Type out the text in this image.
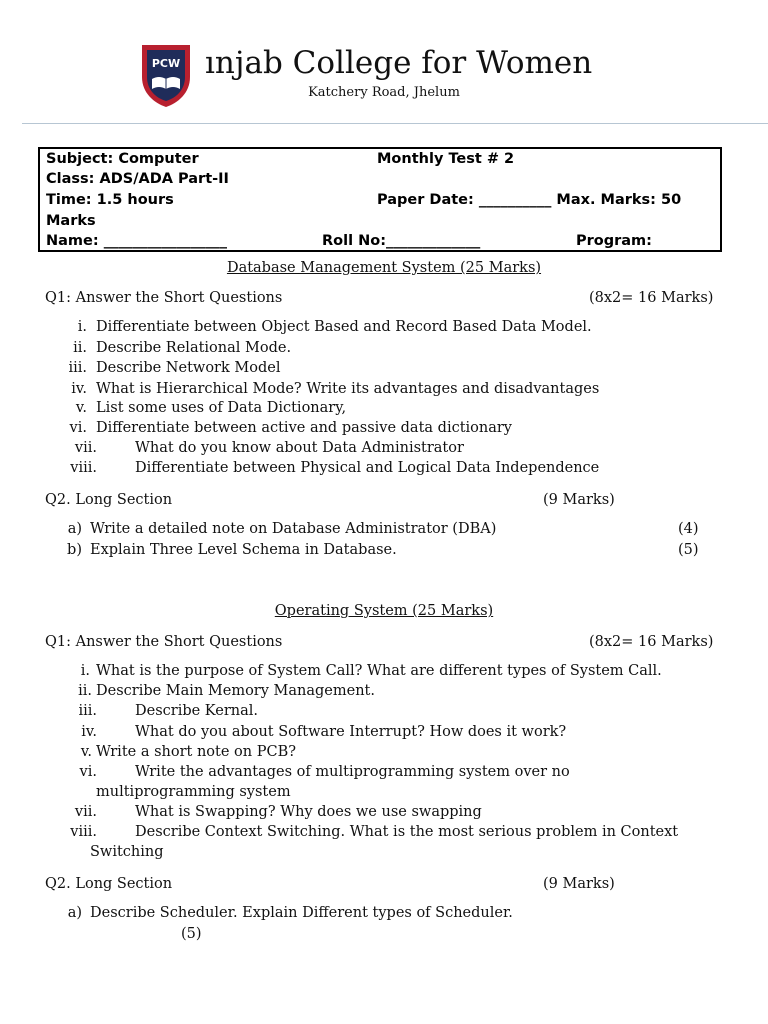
PCW ınjab College for Women
Katchery Road, Jhelum
Subject: Computer	Monthly Test # 2
Class: ADS/ADA Part-II
Time: 1.5 hours	Paper Date: __________ Max. Marks: 50
Marks
Name: _________________	Roll No:_____________	Program:
Database Management System (25 Marks)
Q1: Answer the Short Questions	(8x2= 16 Marks)
i. Differentiate between Object Based and Record Based Data Model.
ii. Describe Relational Mode.
iii. Describe Network Model
iv. What is Hierarchical Mode? Write its advantages and disadvantages
v. List some uses of Data Dictionary,
vi. Differentiate between active and passive data dictionary
vii.	What do you know about Data Administrator
viii.	Differentiate between Physical and Logical Data Independence
Q2. Long Section	(9 Marks)
a) Write a detailed note on Database Administrator (DBA)	(4)
b) Explain Three Level Schema in Database.	(5)
Operating System (25 Marks)
Q1: Answer the Short Questions	(8x2= 16 Marks)
i. What is the purpose of System Call? What are different types of System Call.
ii. Describe Main Memory Management.
iii.	Describe Kernal.
iv.	What do you about Software Interrupt? How does it work?
v. Write a short note on PCB?
vi.	Write the advantages of multiprogramming system over no
multiprogramming system
vii.	What is Swapping? Why does we use swapping
viii.	Describe Context Switching. What is the most serious problem in Context
Switching
Q2. Long Section	(9 Marks)
a) Describe Scheduler. Explain Different types of Scheduler.
(5)
